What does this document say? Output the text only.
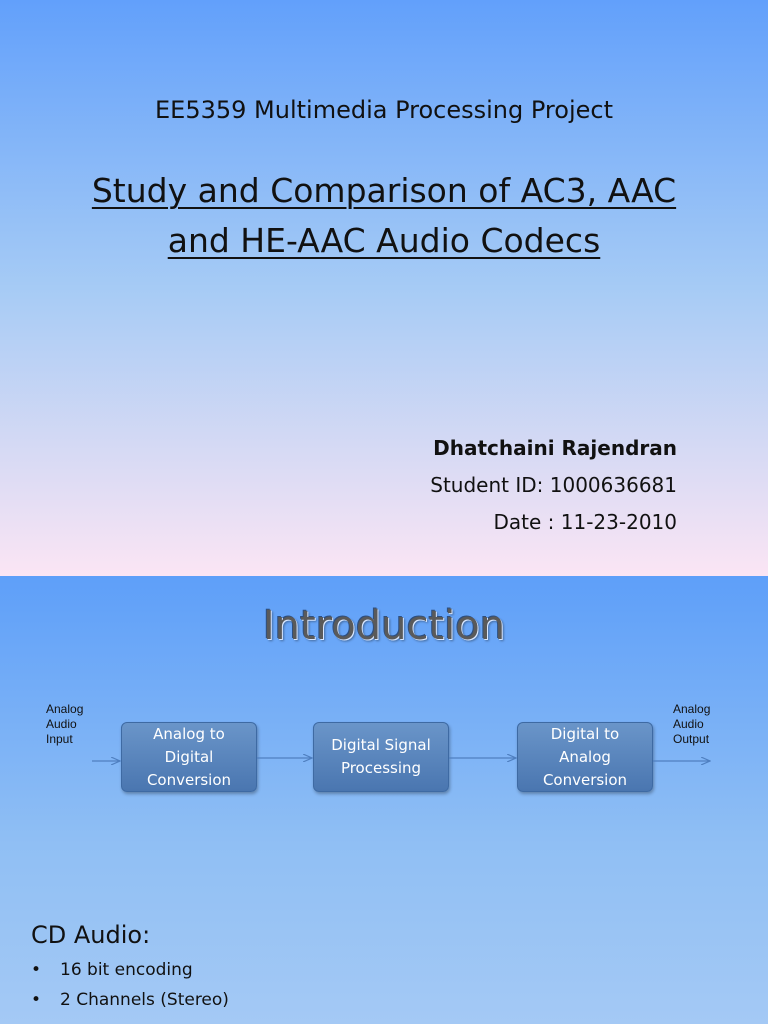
EE5359 Multimedia Processing Project
Study and Comparison of AC3, AAC
and HE-AAC Audio Codecs
Dhatchaini Rajendran
Student ID: 1000636681
Date : 11-23-2010
Introduction
Analog
Audio
Input
Analog
Audio
Output
Analog to
Digital
Conversion
Digital Signal
Processing
Digital to
Analog
Conversion
CD Audio:
• 16 bit encoding
• 2 Channels (Stereo)
